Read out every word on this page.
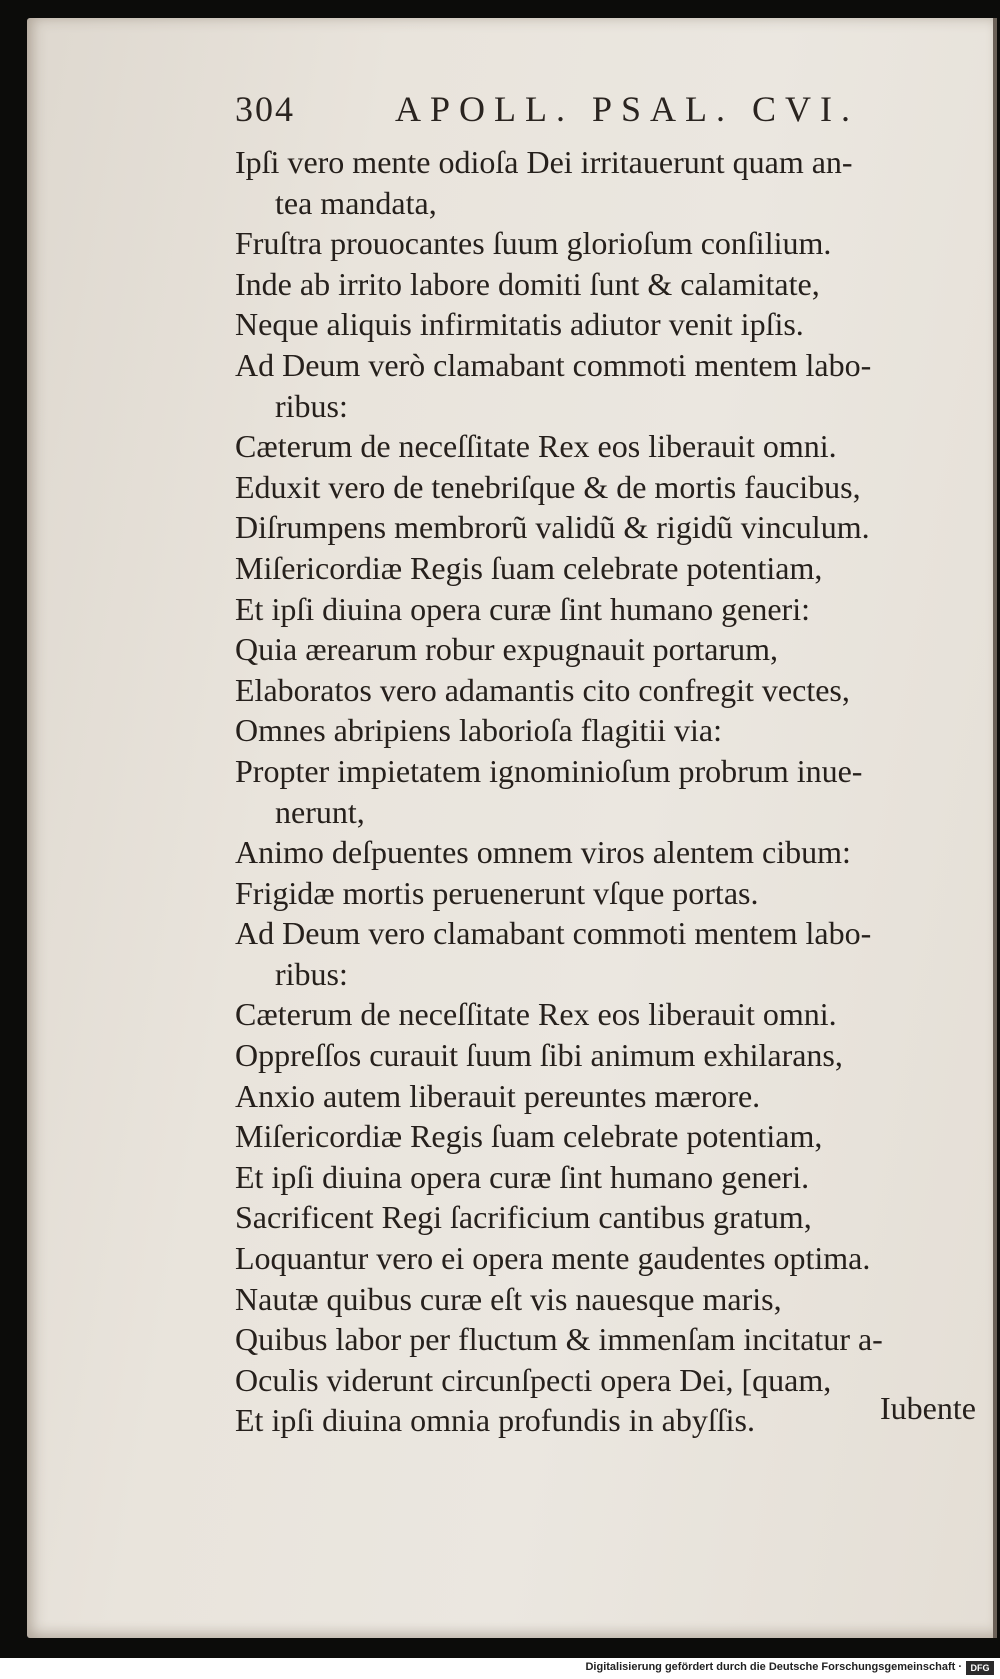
304	APOLL. PSAL. CVI.
Ipſi vero mente odioſa Dei irritauerunt quam an-
tea mandata,
Fruſtra prouocantes ſuum glorioſum conſilium.
Inde ab irrito labore domiti ſunt & calamitate,
Neque aliquis infirmitatis adiutor venit ipſis.
Ad Deum verò clamabant commoti mentem labo-
ribus:
Cæterum de neceſſitate Rex eos liberauit omni.
Eduxit vero de tenebriſque & de mortis faucibus,
Diſrumpens membrorũ validũ & rigidũ vinculum.
Miſericordiæ Regis ſuam celebrate potentiam,
Et ipſi diuina opera curæ ſint humano generi:
Quia ærearum robur expugnauit portarum,
Elaboratos vero adamantis cito confregit vectes,
Omnes abripiens laborioſa flagitii via:
Propter impietatem ignominioſum probrum inue-
nerunt,
Animo deſpuentes omnem viros alentem cibum:
Frigidæ mortis peruenerunt vſque portas.
Ad Deum vero clamabant commoti mentem labo-
ribus:
Cæterum de neceſſitate Rex eos liberauit omni.
Oppreſſos curauit ſuum ſibi animum exhilarans,
Anxio autem liberauit pereuntes mærore.
Miſericordiæ Regis ſuam celebrate potentiam,
Et ipſi diuina opera curæ ſint humano generi.
Sacrificent Regi ſacrificium cantibus gratum,
Loquantur vero ei opera mente gaudentes optima.
Nautæ quibus curæ eſt vis nauesque maris,
Quibus labor per fluctum & immenſam incitatur a-
Oculis viderunt circunſpecti opera Dei, [quam,
Et ipſi diuina omnia profundis in abyſſis.	Iubente
Digitalisierung gefördert durch die Deutsche Forschungsgemeinschaft · DFG
